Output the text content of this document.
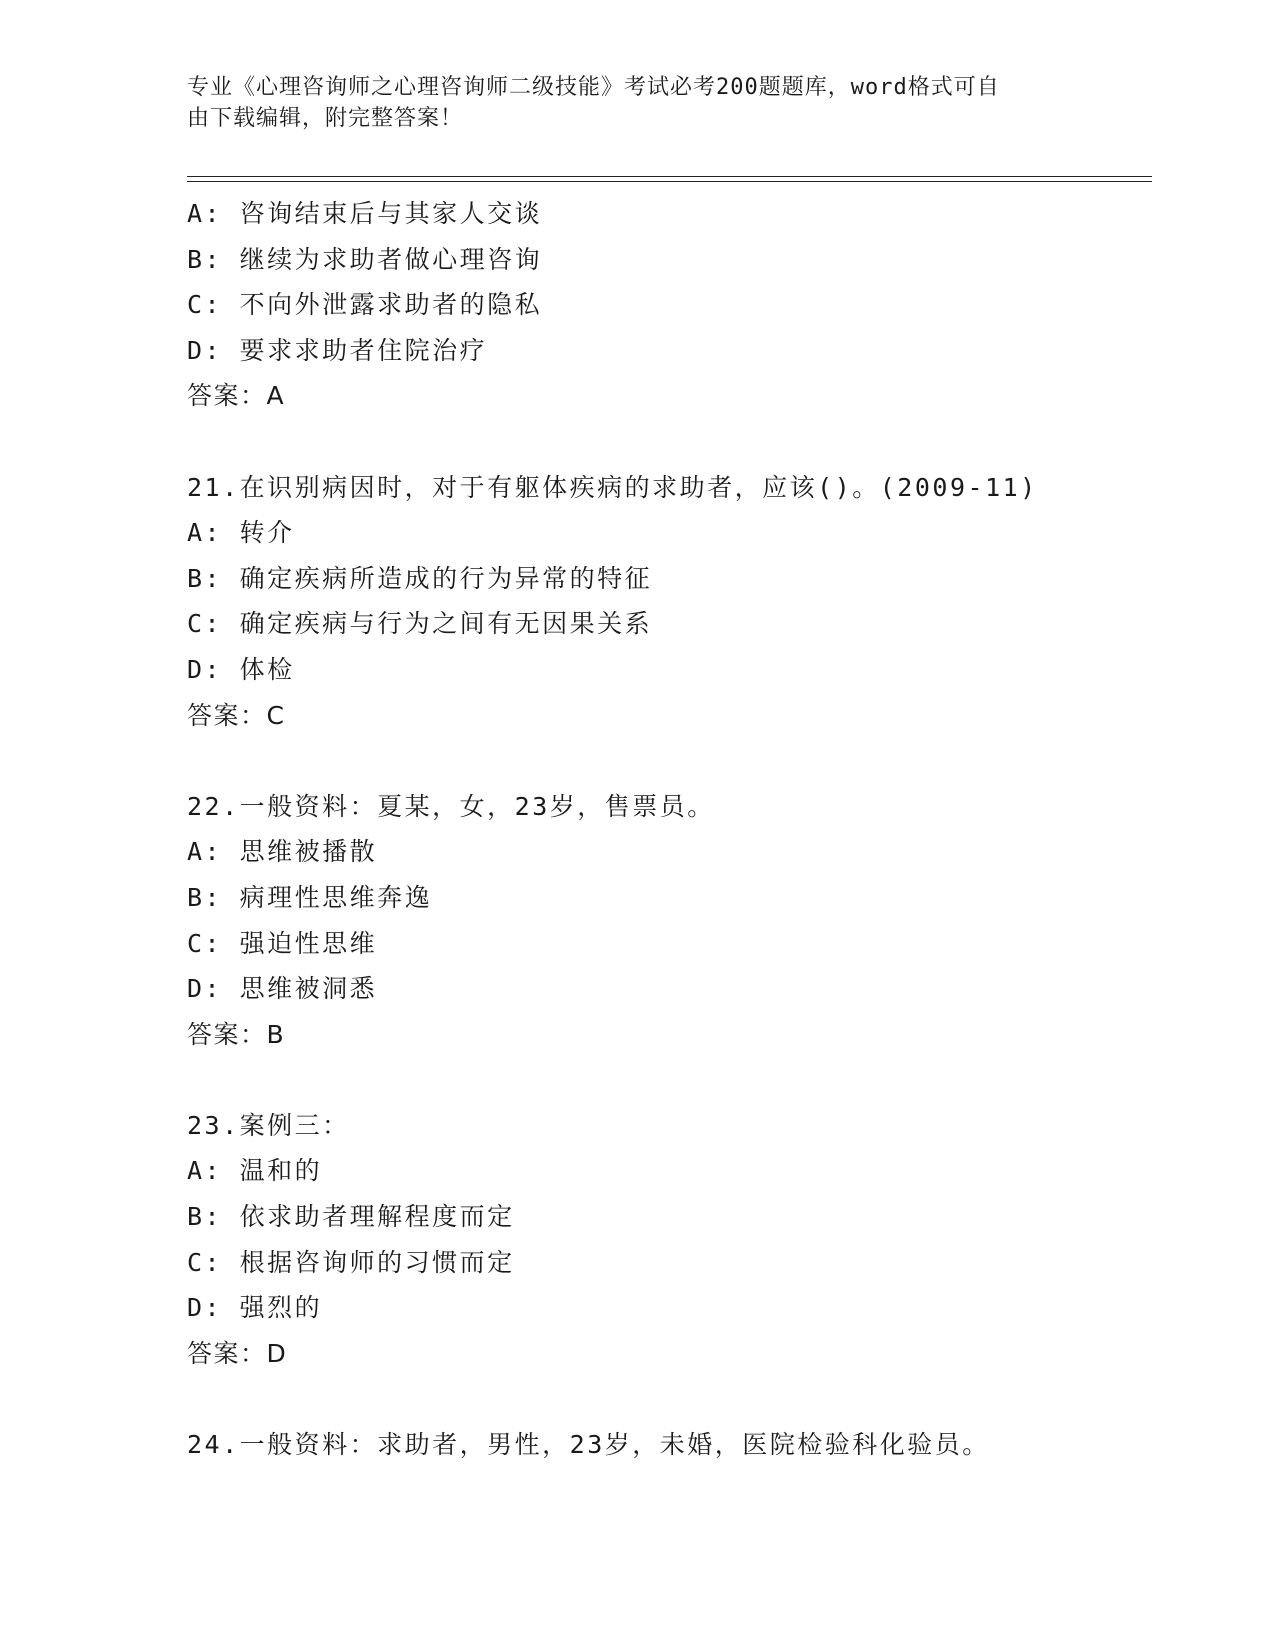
专业《心理咨询师之心理咨询师二级技能》考试必考200题题库，word格式可自
由下载编辑，附完整答案！
A: 咨询结束后与其家人交谈
B: 继续为求助者做心理咨询
C: 不向外泄露求助者的隐私
D: 要求求助者住院治疗
答案：A
21.在识别病因时，对于有躯体疾病的求助者，应该()。(2009-11)
A: 转介
B: 确定疾病所造成的行为异常的特征
C: 确定疾病与行为之间有无因果关系
D: 体检
答案：C
22.一般资料：夏某，女，23岁，售票员。
A: 思维被播散
B: 病理性思维奔逸
C: 强迫性思维
D: 思维被洞悉
答案：B
23.案例三：
A: 温和的
B: 依求助者理解程度而定
C: 根据咨询师的习惯而定
D: 强烈的
答案：D
24.一般资料：求助者，男性，23岁，未婚，医院检验科化验员。
